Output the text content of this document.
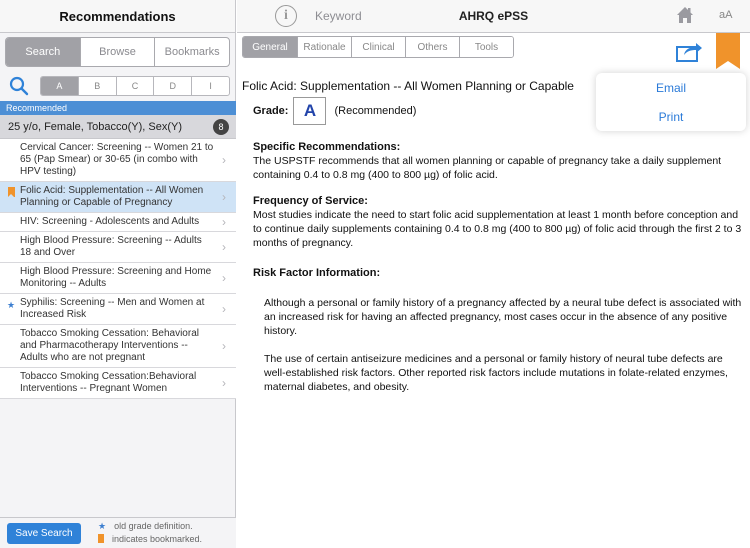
Recommendations
Search	Browse	Bookmarks
A	B	C	D	I
Recommended
25 y/o, Female, Tobacco(Y), Sex(Y)	8
Cervical Cancer: Screening -- Women 21 to 65 (Pap Smear) or 30-65 (in combo with HPV testing)
›
Folic Acid: Supplementation -- All Women Planning or Capable of Pregnancy	›
HIV: Screening - Adolescents and Adults ›
High Blood Pressure: Screening -- Adults 18 and Over	›
High Blood Pressure: Screening and Home Monitoring -- Adults	›
★ Syphilis: Screening -- Men and Women at Increased Risk	›
Tobacco Smoking Cessation: Behavioral and Pharmacotherapy Interventions -- Adults who are not pregnant
›
Tobacco Smoking Cessation:Behavioral Interventions -- Pregnant Women	›
Save Search
★ old grade definition.
indicates bookmarked.
i	Keyword	AHRQ ePSS	aA
General	Rationale	Clinical	Others	Tools
Email
Print
Folic Acid: Supplementation -- All Women Planning or Capable
Grade: A	(Recommended)
Specific Recommendations:

The USPSTF recommends that all women planning or capable of pregnancy take a daily supplement containing 0.4 to 0.8 mg (400 to 800 µg) of folic acid.

Frequency of Service:

Most studies indicate the need to start folic acid supplementation at least 1 month before conception and to continue daily supplements containing 0.4 to 0.8 mg (400 to 800 µg) of folic acid through the first 2 to 3 months of pregnancy.

Risk Factor Information:

Although a personal or family history of a pregnancy affected by a neural tube defect is associated with an increased risk for having an affected pregnancy, most cases occur in the absence of any positive history.

The use of certain antiseizure medicines and a personal or family history of neural tube defects are well-established risk factors. Other reported risk factors include mutations in folate-related enzymes, maternal diabetes, and obesity.
